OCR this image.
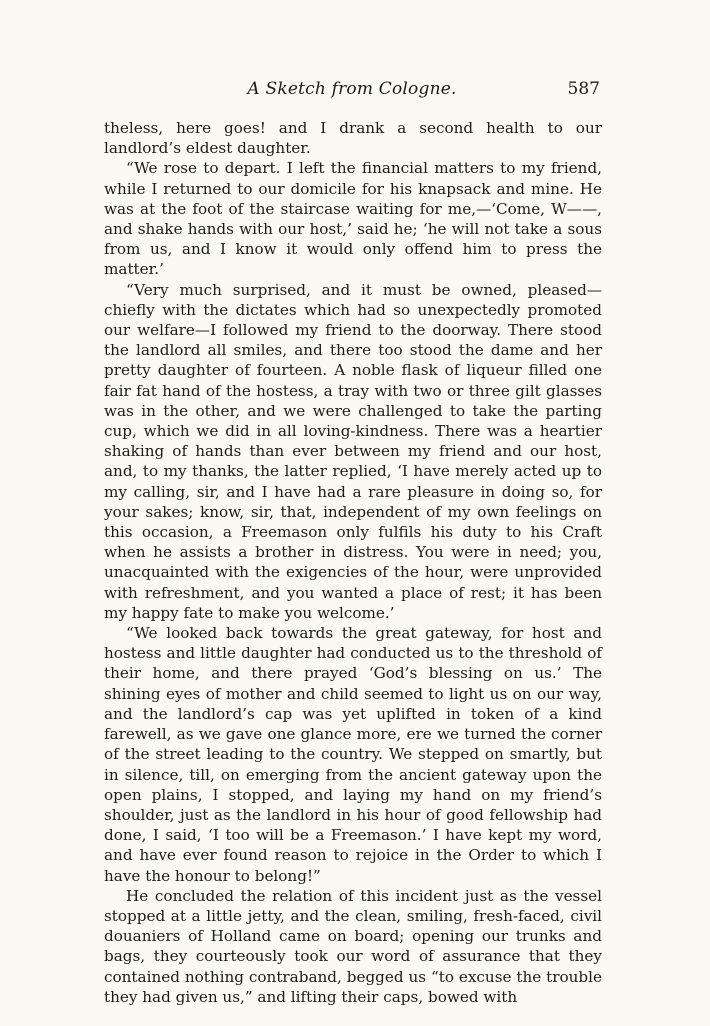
A Sketch from Cologne.	587

theless, here goes! and I drank a second health to our landlord’s eldest daughter.

“We rose to depart. I left the financial matters to my friend, while I returned to our domicile for his knapsack and mine. He was at the foot of the staircase waiting for me,—‘Come, W——, and shake hands with our host,’ said he; ‘he will not take a sous from us, and I know it would only offend him to press the matter.’

“Very much surprised, and it must be owned, pleased—chiefly with the dictates which had so unexpectedly promoted our welfare—I followed my friend to the doorway. There stood the landlord all smiles, and there too stood the dame and her pretty daughter of fourteen. A noble flask of liqueur filled one fair fat hand of the hostess, a tray with two or three gilt glasses was in the other, and we were challenged to take the parting cup, which we did in all loving-kindness. There was a heartier shaking of hands than ever between my friend and our host, and, to my thanks, the latter replied, ‘I have merely acted up to my calling, sir, and I have had a rare pleasure in doing so, for your sakes; know, sir, that, independent of my own feelings on this occasion, a Freemason only fulfils his duty to his Craft when he assists a brother in distress. You were in need; you, unacquainted with the exigencies of the hour, were unprovided with refreshment, and you wanted a place of rest; it has been my happy fate to make you welcome.’

“We looked back towards the great gateway, for host and hostess and little daughter had conducted us to the threshold of their home, and there prayed ‘God’s blessing on us.’ The shining eyes of mother and child seemed to light us on our way, and the landlord’s cap was yet uplifted in token of a kind farewell, as we gave one glance more, ere we turned the corner of the street leading to the country. We stepped on smartly, but in silence, till, on emerging from the ancient gateway upon the open plains, I stopped, and laying my hand on my friend’s shoulder, just as the landlord in his hour of good fellowship had done, I said, ‘I too will be a Freemason.’ I have kept my word, and have ever found reason to rejoice in the Order to which I have the honour to belong!”

He concluded the relation of this incident just as the vessel stopped at a little jetty, and the clean, smiling, fresh-faced, civil douaniers of Holland came on board; opening our trunks and bags, they courteously took our word of assurance that they contained nothing contraband, begged us “to excuse the trouble they had given us,” and lifting their caps, bowed with
